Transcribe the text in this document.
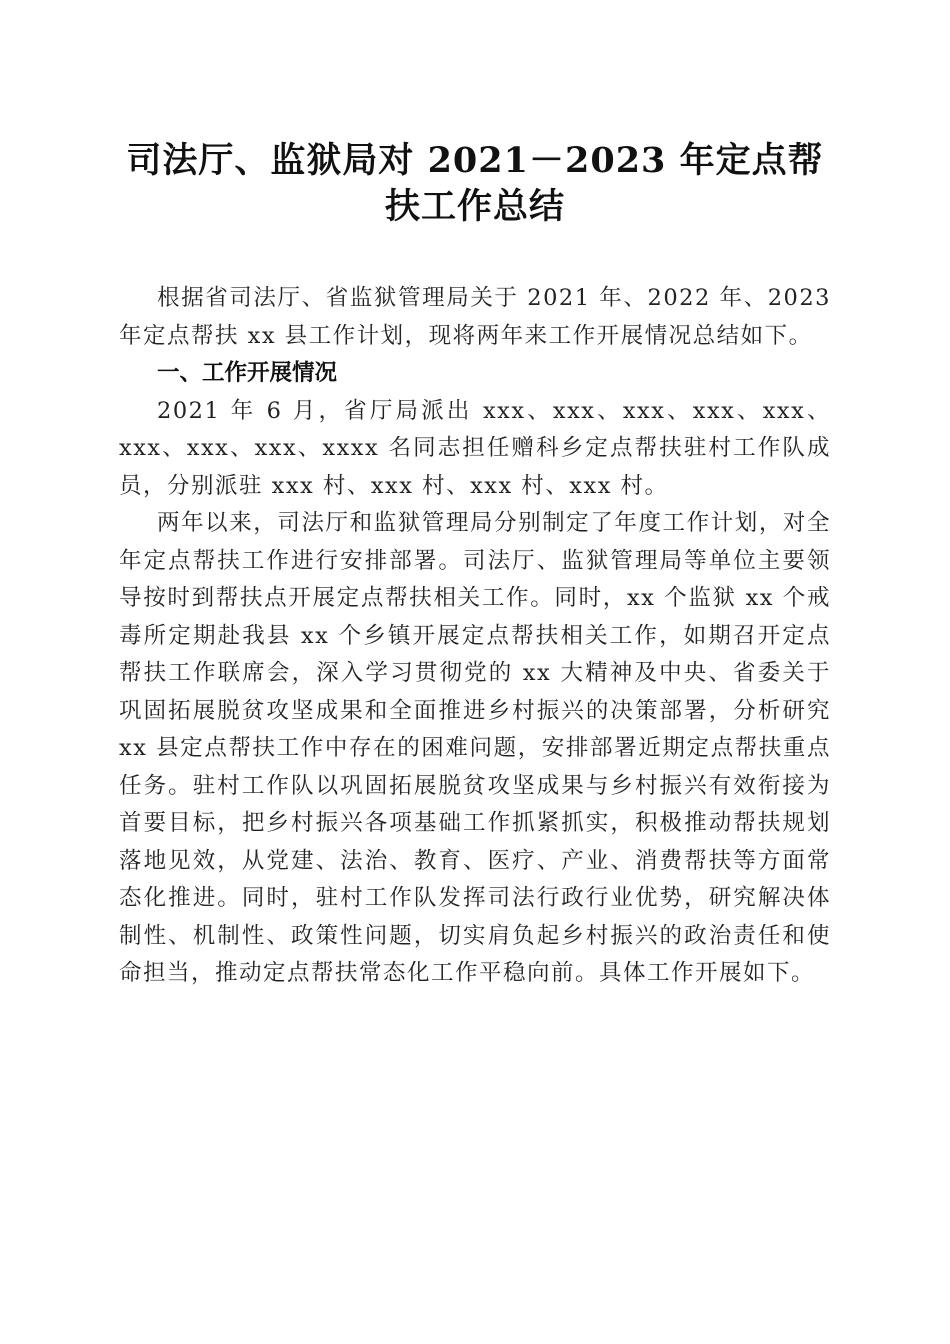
司法厅、监狱局对 2021－2023 年定点帮扶工作总结

根据省司法厅、省监狱管理局关于 2021 年、2022 年、2023 年定点帮扶 xx 县工作计划，现将两年来工作开展情况总结如下。

一、工作开展情况

2021 年 6 月，省厅局派出 xxx、xxx、xxx、xxx、xxx、xxx、xxx、xxx、xxxx 名同志担任赠科乡定点帮扶驻村工作队成员，分别派驻 xxx 村、xxx 村、xxx 村、xxx 村。

两年以来，司法厅和监狱管理局分别制定了年度工作计划，对全年定点帮扶工作进行安排部署。司法厅、监狱管理局等单位主要领导按时到帮扶点开展定点帮扶相关工作。同时，xx 个监狱 xx 个戒毒所定期赴我县 xx 个乡镇开展定点帮扶相关工作，如期召开定点帮扶工作联席会，深入学习贯彻党的 xx 大精神及中央、省委关于巩固拓展脱贫攻坚成果和全面推进乡村振兴的决策部署，分析研究 xx 县定点帮扶工作中存在的困难问题，安排部署近期定点帮扶重点任务。驻村工作队以巩固拓展脱贫攻坚成果与乡村振兴有效衔接为首要目标，把乡村振兴各项基础工作抓紧抓实，积极推动帮扶规划落地见效，从党建、法治、教育、医疗、产业、消费帮扶等方面常态化推进。同时，驻村工作队发挥司法行政行业优势，研究解决体制性、机制性、政策性问题，切实肩负起乡村振兴的政治责任和使命担当，推动定点帮扶常态化工作平稳向前。具体工作开展如下。
